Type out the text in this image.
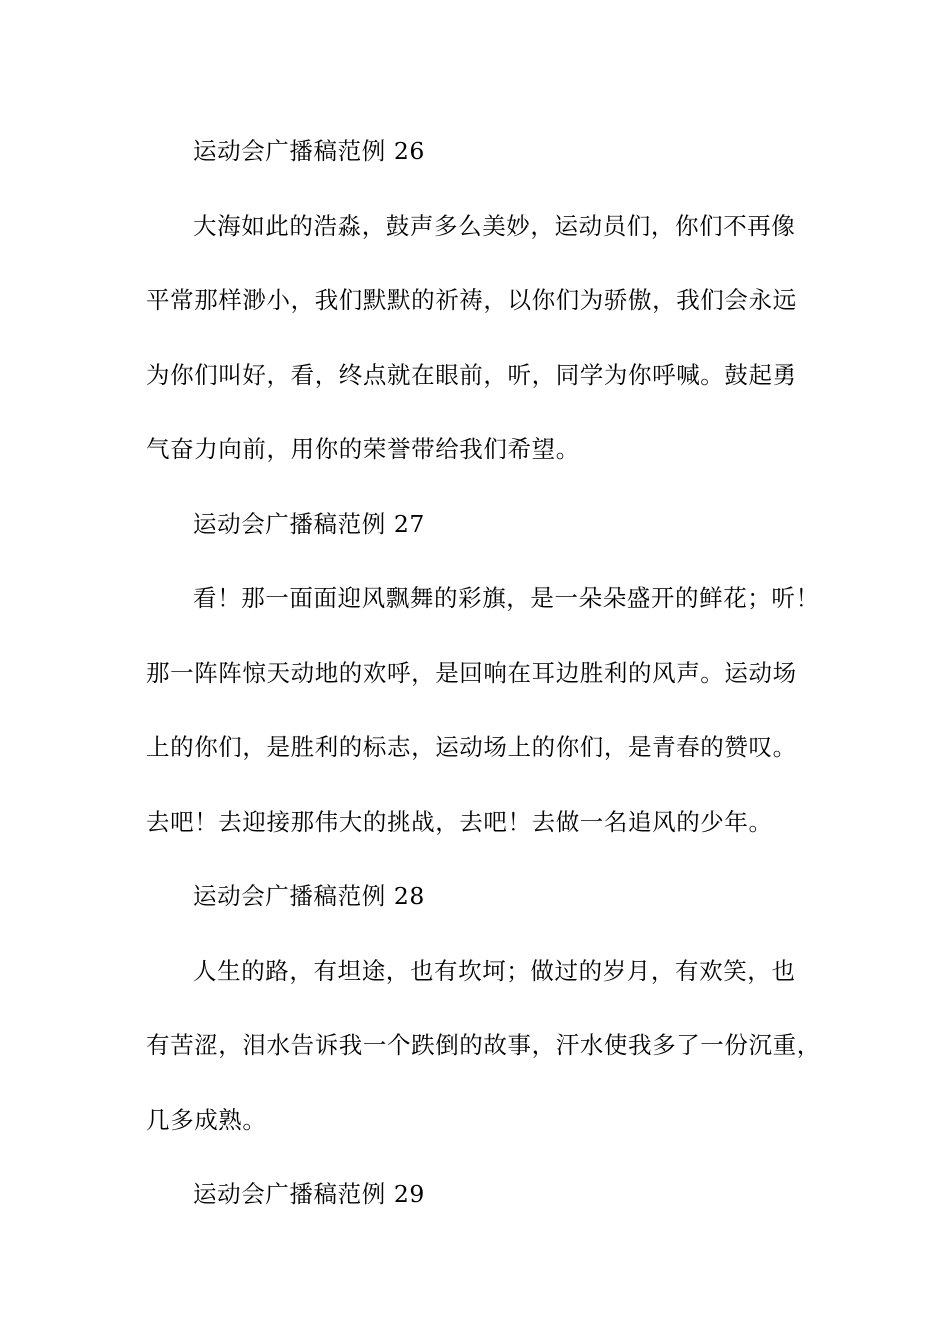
运动会广播稿范例 26
大海如此的浩淼，鼓声多么美妙，运动员们，你们不再像
平常那样渺小，我们默默的祈祷，以你们为骄傲，我们会永远
为你们叫好，看，终点就在眼前，听，同学为你呼喊。鼓起勇
气奋力向前，用你的荣誉带给我们希望。
运动会广播稿范例 27
看！那一面面迎风飘舞的彩旗，是一朵朵盛开的鲜花；听！
那一阵阵惊天动地的欢呼，是回响在耳边胜利的风声。运动场
上的你们，是胜利的标志，运动场上的你们，是青春的赞叹。
去吧！去迎接那伟大的挑战，去吧！去做一名追风的少年。
运动会广播稿范例 28
人生的路，有坦途，也有坎坷；做过的岁月，有欢笑，也
有苦涩，泪水告诉我一个跌倒的故事，汗水使我多了一份沉重，
几多成熟。
运动会广播稿范例 29
